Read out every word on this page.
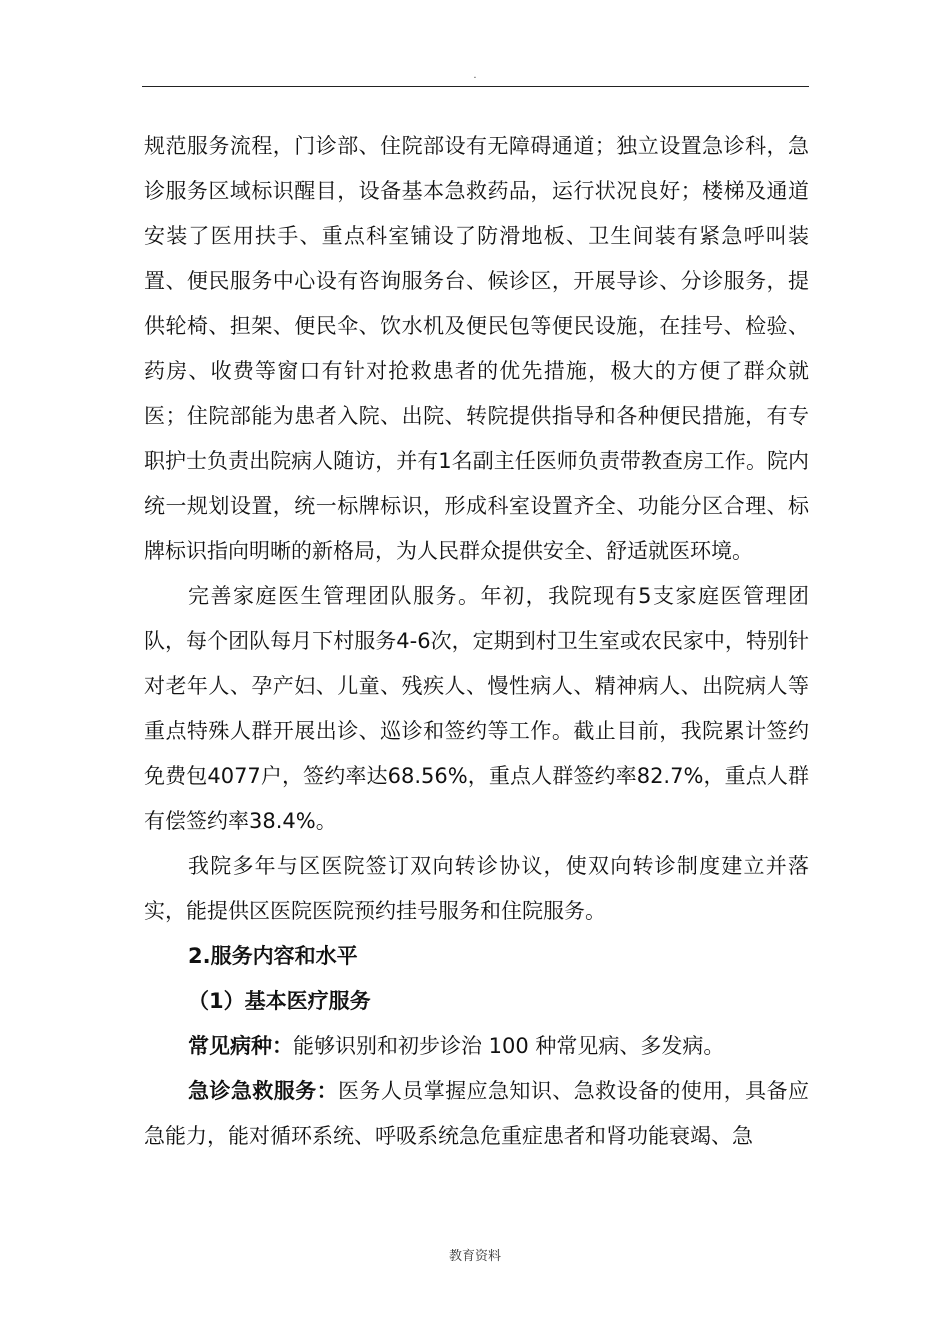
.

规范服务流程，门诊部、住院部设有无障碍通道；独立设置急诊科，急诊服务区域标识醒目，设备基本急救药品，运行状况良好；楼梯及通道安装了医用扶手、重点科室铺设了防滑地板、卫生间装有紧急呼叫装置、便民服务中心设有咨询服务台、候诊区，开展导诊、分诊服务，提供轮椅、担架、便民伞、饮水机及便民包等便民设施，在挂号、检验、药房、收费等窗口有针对抢救患者的优先措施，极大的方便了群众就医；住院部能为患者入院、出院、转院提供指导和各种便民措施，有专职护士负责出院病人随访，并有1名副主任医师负责带教查房工作。院内统一规划设置，统一标牌标识，形成科室设置齐全、功能分区合理、标牌标识指向明晰的新格局，为人民群众提供安全、舒适就医环境。

完善家庭医生管理团队服务。年初，我院现有5支家庭医管理团队，每个团队每月下村服务4-6次，定期到村卫生室或农民家中，特别针对老年人、孕产妇、儿童、残疾人、慢性病人、精神病人、出院病人等重点特殊人群开展出诊、巡诊和签约等工作。截止目前，我院累计签约免费包4077户，签约率达68.56%，重点人群签约率82.7%，重点人群有偿签约率38.4%。

我院多年与区医院签订双向转诊协议，使双向转诊制度建立并落实，能提供区医院医院预约挂号服务和住院服务。

2.服务内容和水平

（1）基本医疗服务

常见病种：能够识别和初步诊治 100 种常见病、多发病。

急诊急救服务：医务人员掌握应急知识、急救设备的使用，具备应急能力，能对循环系统、呼吸系统急危重症患者和肾功能衰竭、急

教育资料
